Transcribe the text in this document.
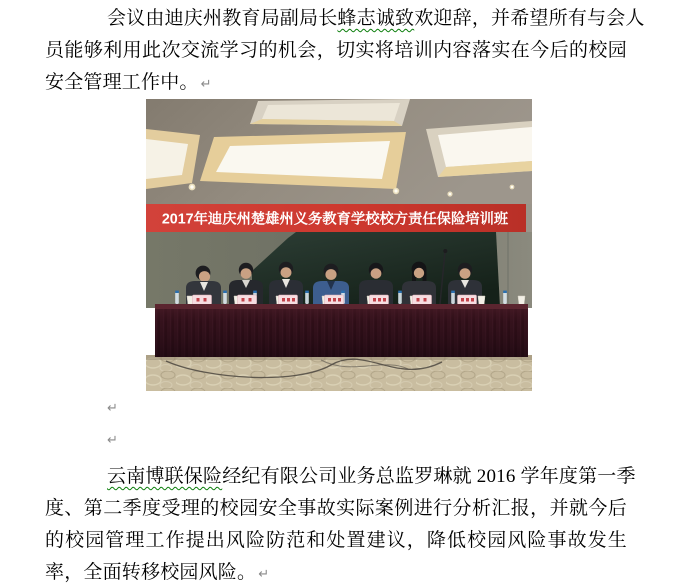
会议由迪庆州教育局副局长蜂志诚致欢迎辞，并希望所有与会人
员能够利用此次交流学习的机会，切实将培训内容落实在今后的校园
安全管理工作中。 ↵
2017年迪庆州楚雄州义务教育学校校方责任保险培训班
↵
↵
云南博联保险经纪有限公司业务总监罗琳就 2016 学年度第一季
度、第二季度受理的校园安全事故实际案例进行分析汇报，并就今后
的校园管理工作提出风险防范和处置建议，降低校园风险事故发生
率，全面转移校园风险。 ↵
